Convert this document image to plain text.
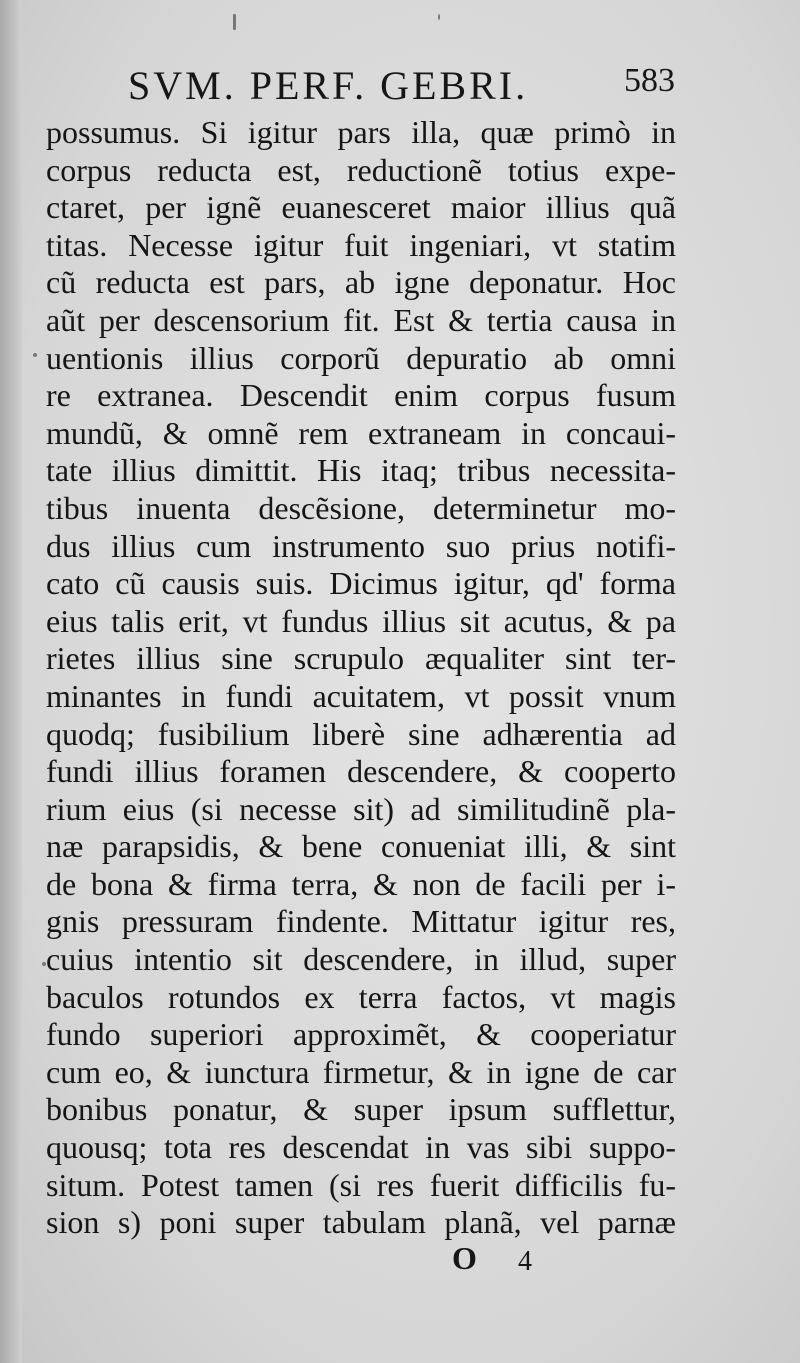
SVM. PERF. GEBRI.	583
possumus. Si igitur pars illa, quæ primò in
corpus reducta est, reductionẽ totius expe-
ctaret, per ignẽ euanesceret maior illius quã
titas. Necesse igitur fuit ingeniari, vt statim
cũ reducta est pars, ab igne deponatur. Hoc
aũt per descensorium fit. Est & tertia causa in
uentionis illius corporũ depuratio ab omni
re extranea. Descendit enim corpus fusum
mundũ, & omnẽ rem extraneam in concaui-
tate illius dimittit. His itaq; tribus necessita-
tibus inuenta descẽsione, determinetur mo-
dus illius cum instrumento suo prius notifi-
cato cũ causis suis. Dicimus igitur, qd' forma
eius talis erit, vt fundus illius sit acutus, & pa
rietes illius sine scrupulo æqualiter sint ter-
minantes in fundi acuitatem, vt possit vnum
quodq; fusibilium liberè sine adhærentia ad
fundi illius foramen descendere, & cooperto
rium eius (si necesse sit) ad similitudinẽ pla-
næ parapsidis, & bene conueniat illi, & sint
de bona & firma terra, & non de facili per i-
gnis pressuram findente. Mittatur igitur res,
cuius intentio sit descendere, in illud, super
baculos rotundos ex terra factos, vt magis
fundo superiori approximẽt, & cooperiatur
cum eo, & iunctura firmetur, & in igne de car
bonibus ponatur, & super ipsum sufflettur,
quousq; tota res descendat in vas sibi suppo-
situm. Potest tamen (si res fuerit difficilis fu-
sion s) poni super tabulam planã, vel parnæ
O 4
